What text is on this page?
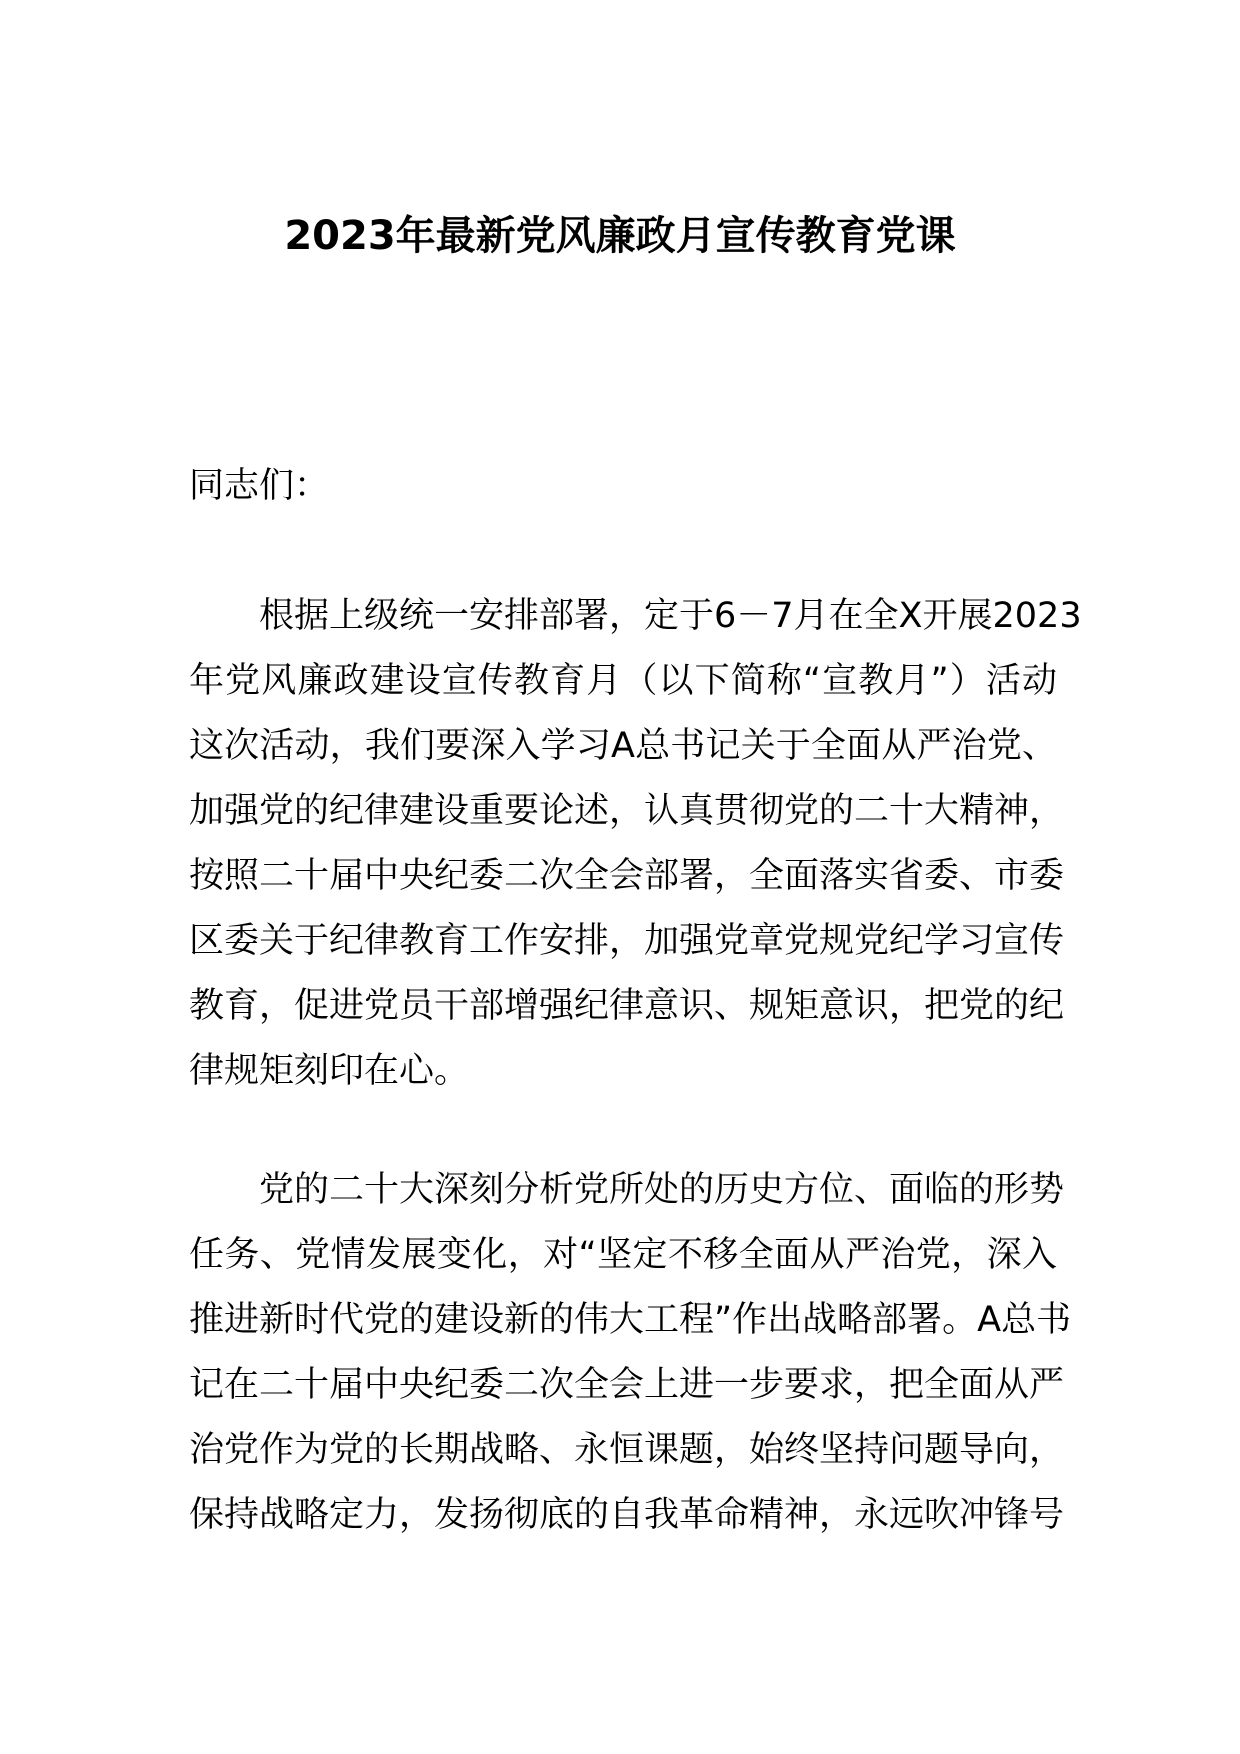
2023年最新党风廉政月宣传教育党课
同志们：
根据上级统一安排部署，定于6－7月在全X开展2023
年党风廉政建设宣传教育月（以下简称“宣教月”）活动
这次活动，我们要深入学习A总书记关于全面从严治党、
加强党的纪律建设重要论述，认真贯彻党的二十大精神，
按照二十届中央纪委二次全会部署，全面落实省委、市委
区委关于纪律教育工作安排，加强党章党规党纪学习宣传
教育，促进党员干部增强纪律意识、规矩意识，把党的纪
律规矩刻印在心。
党的二十大深刻分析党所处的历史方位、面临的形势
任务、党情发展变化，对“坚定不移全面从严治党，深入
推进新时代党的建设新的伟大工程”作出战略部署。A总书
记在二十届中央纪委二次全会上进一步要求，把全面从严
治党作为党的长期战略、永恒课题，始终坚持问题导向，
保持战略定力，发扬彻底的自我革命精神，永远吹冲锋号
